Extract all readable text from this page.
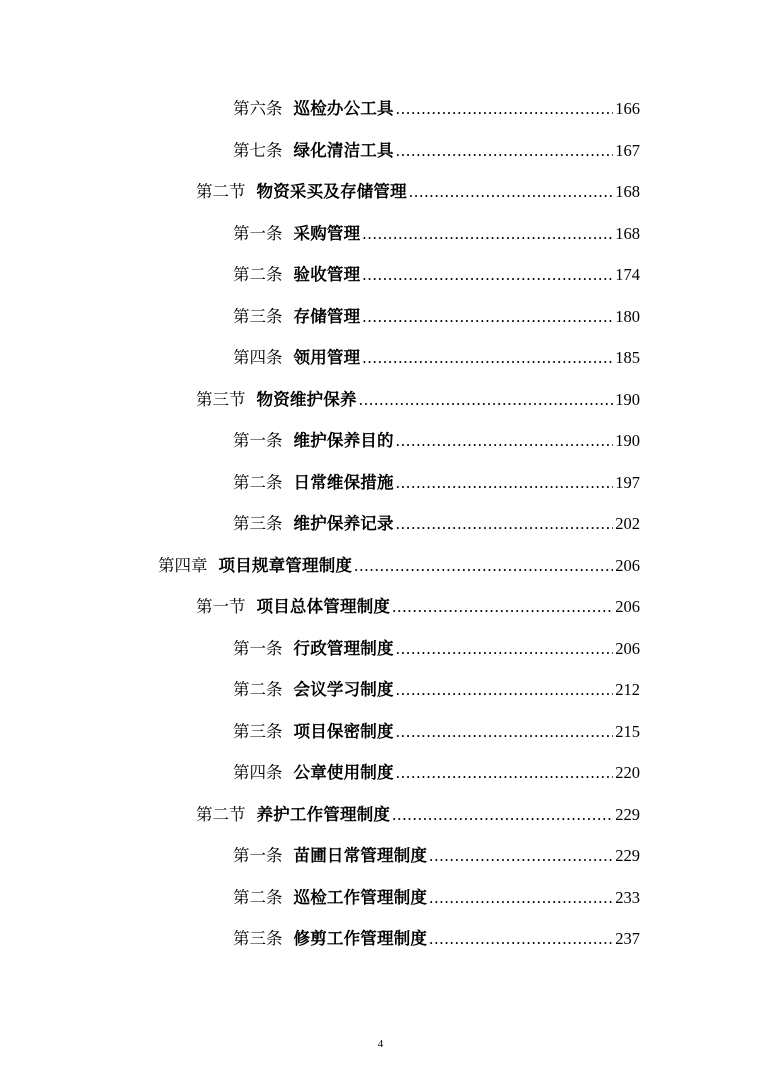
第六条 巡检办公工具 .....	166
第七条 绿化清洁工具 .....	167
第二节 物资采买及存储管理 .....	168
第一条 采购管理 .....	168
第二条 验收管理 .....	174
第三条 存储管理 .....	180
第四条 领用管理 .....	185
第三节 物资维护保养 .....	190
第一条 维护保养目的 .....	190
第二条 日常维保措施 .....	197
第三条 维护保养记录 .....	202
第四章 项目规章管理制度 .....	206
第一节 项目总体管理制度 .....	206
第一条 行政管理制度 .....	206
第二条 会议学习制度 .....	212
第三条 项目保密制度 .....	215
第四条 公章使用制度 .....	220
第二节 养护工作管理制度 .....	229
第一条 苗圃日常管理制度 .....	229
第二条 巡检工作管理制度 .....	233
第三条 修剪工作管理制度 .....	237
4
